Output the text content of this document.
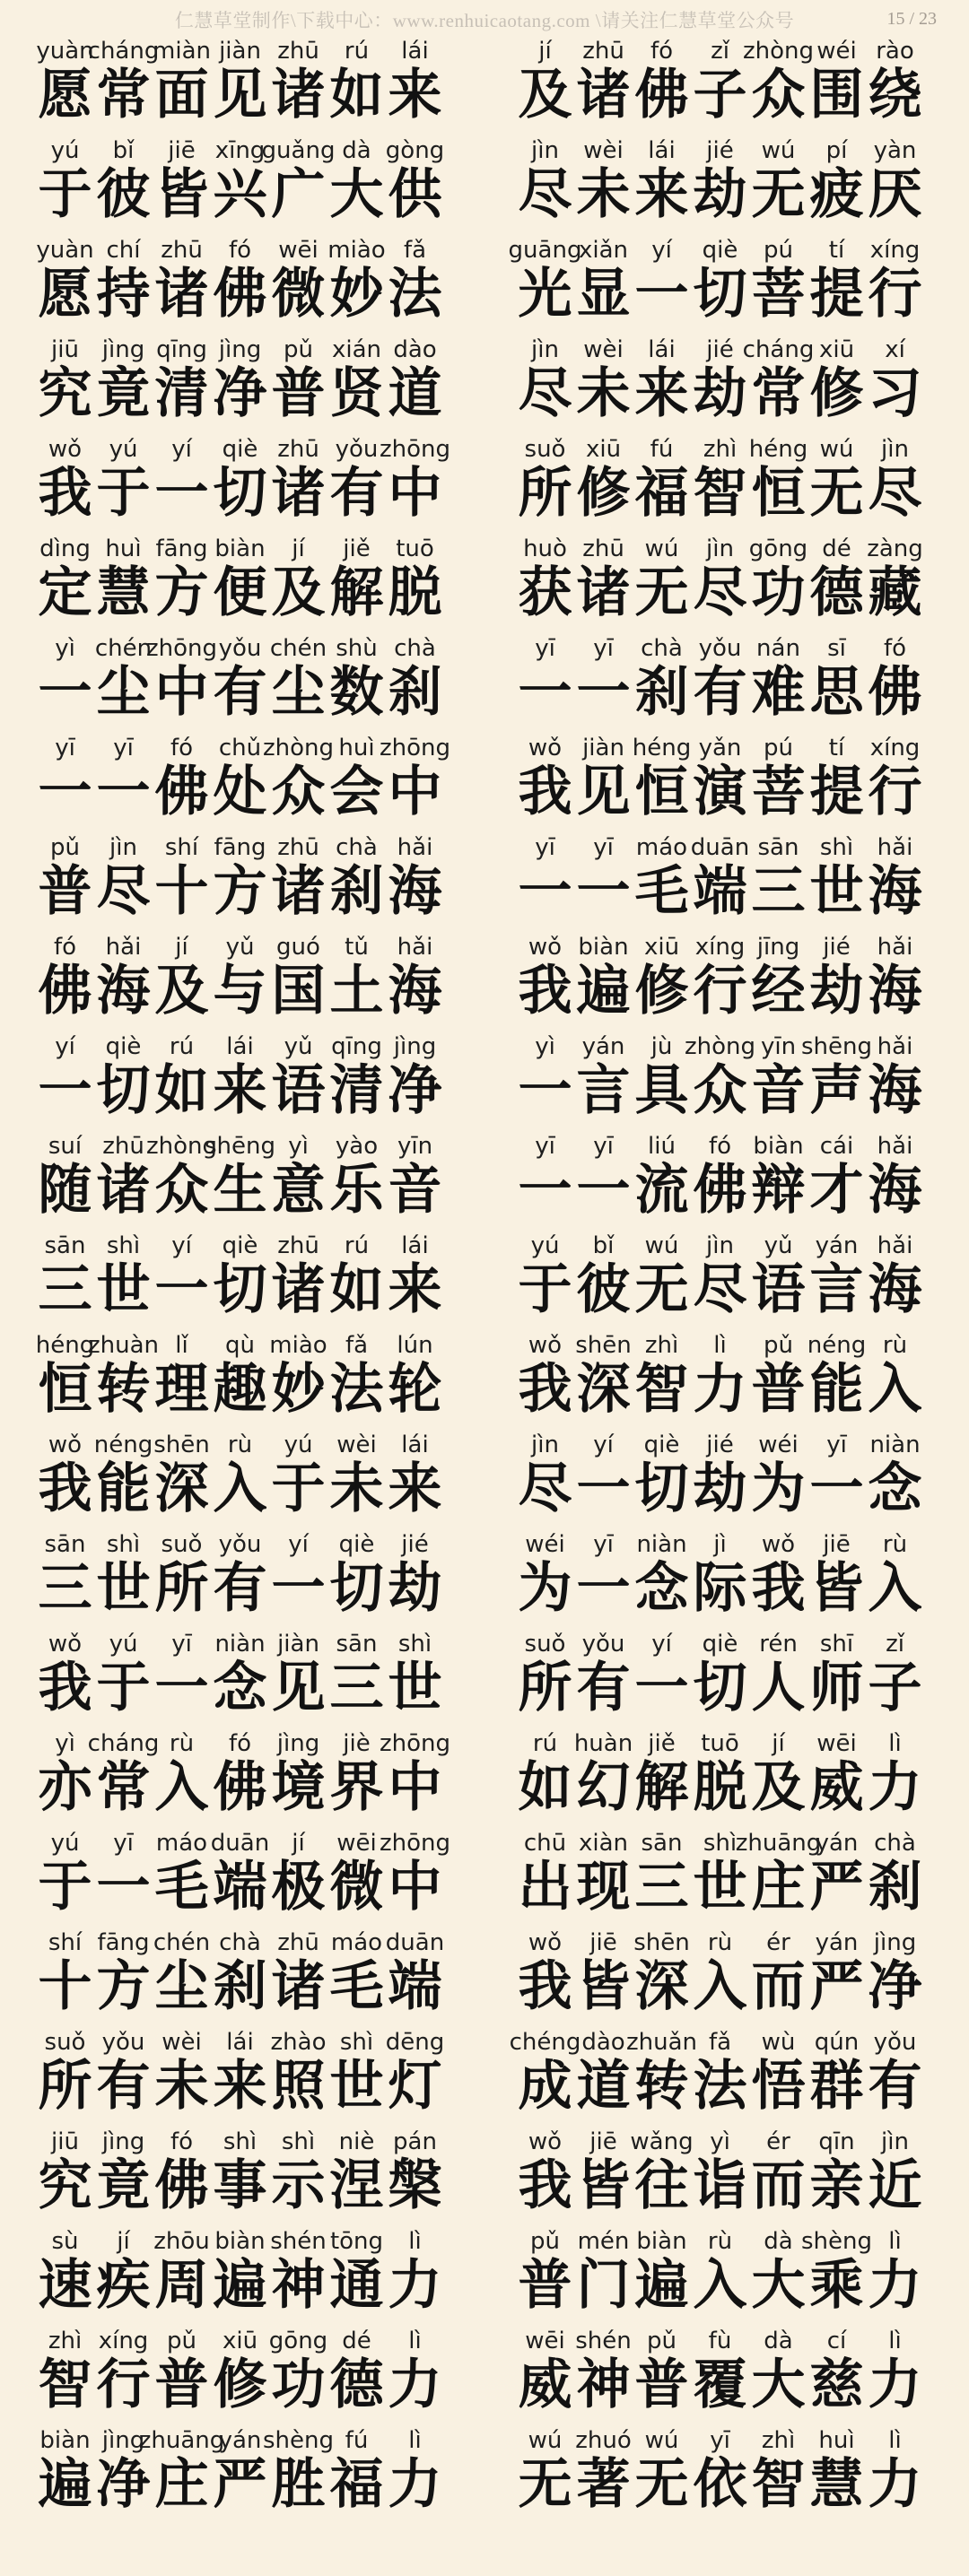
仁慧草堂制作\下载中心：www.renhuicaotang.com \请关注仁慧草堂公众号	15 / 23
yuàn
愿
cháng
常
miàn
面
jiàn
见
zhū
诸
rú
如
lái
来
jí
及
zhū
诸
fó
佛
zǐ
子
zhòng
众
wéi
围
rào
绕
yú
于
bǐ
彼
jiē
皆
xīng
兴
guǎng
广
dà
大
gòng
供
jìn
尽
wèi
未
lái
来
jié
劫
wú
无
pí
疲
yàn
厌
yuàn
愿
chí
持
zhū
诸
fó
佛
wēi
微
miào
妙
fǎ
法
guāng
光
xiǎn
显
yí
一
qiè
切
pú
菩
tí
提
xíng
行
jiū
究
jìng
竟
qīng
清
jìng
净
pǔ
普
xián
贤
dào
道
jìn
尽
wèi
未
lái
来
jié
劫
cháng
常
xiū
修
xí
习
wǒ
我
yú
于
yí
一
qiè
切
zhū
诸
yǒu
有
zhōng
中
suǒ
所
xiū
修
fú
福
zhì
智
héng
恒
wú
无
jìn
尽
dìng
定
huì
慧
fāng
方
biàn
便
jí
及
jiě
解
tuō
脱
huò
获
zhū
诸
wú
无
jìn
尽
gōng
功
dé
德
zàng
藏
yì
一
chén
尘
zhōng
中
yǒu
有
chén
尘
shù
数
chà
刹
yī
一
yī
一
chà
刹
yǒu
有
nán
难
sī
思
fó
佛
yī
一
yī
一
fó
佛
chǔ
处
zhòng
众
huì
会
zhōng
中
wǒ
我
jiàn
见
héng
恒
yǎn
演
pú
菩
tí
提
xíng
行
pǔ
普
jìn
尽
shí
十
fāng
方
zhū
诸
chà
刹
hǎi
海
yī
一
yī
一
máo
毛
duān
端
sān
三
shì
世
hǎi
海
fó
佛
hǎi
海
jí
及
yǔ
与
guó
国
tǔ
土
hǎi
海
wǒ
我
biàn
遍
xiū
修
xíng
行
jīng
经
jié
劫
hǎi
海
yí
一
qiè
切
rú
如
lái
来
yǔ
语
qīng
清
jìng
净
yì
一
yán
言
jù
具
zhòng
众
yīn
音
shēng
声
hǎi
海
suí
随
zhū
诸
zhòng
众
shēng
生
yì
意
yào
乐
yīn
音
yī
一
yī
一
liú
流
fó
佛
biàn
辩
cái
才
hǎi
海
sān
三
shì
世
yí
一
qiè
切
zhū
诸
rú
如
lái
来
yú
于
bǐ
彼
wú
无
jìn
尽
yǔ
语
yán
言
hǎi
海
héng
恒
zhuàn
转
lǐ
理
qù
趣
miào
妙
fǎ
法
lún
轮
wǒ
我
shēn
深
zhì
智
lì
力
pǔ
普
néng
能
rù
入
wǒ
我
néng
能
shēn
深
rù
入
yú
于
wèi
未
lái
来
jìn
尽
yí
一
qiè
切
jié
劫
wéi
为
yī
一
niàn
念
sān
三
shì
世
suǒ
所
yǒu
有
yí
一
qiè
切
jié
劫
wéi
为
yī
一
niàn
念
jì
际
wǒ
我
jiē
皆
rù
入
wǒ
我
yú
于
yī
一
niàn
念
jiàn
见
sān
三
shì
世
suǒ
所
yǒu
有
yí
一
qiè
切
rén
人
shī
师
zǐ
子
yì
亦
cháng
常
rù
入
fó
佛
jìng
境
jiè
界
zhōng
中
rú
如
huàn
幻
jiě
解
tuō
脱
jí
及
wēi
威
lì
力
yú
于
yī
一
máo
毛
duān
端
jí
极
wēi
微
zhōng
中
chū
出
xiàn
现
sān
三
shì
世
zhuāng
庄
yán
严
chà
刹
shí
十
fāng
方
chén
尘
chà
刹
zhū
诸
máo
毛
duān
端
wǒ
我
jiē
皆
shēn
深
rù
入
ér
而
yán
严
jìng
净
suǒ
所
yǒu
有
wèi
未
lái
来
zhào
照
shì
世
dēng
灯
chéng
成
dào
道
zhuǎn
转
fǎ
法
wù
悟
qún
群
yǒu
有
jiū
究
jìng
竟
fó
佛
shì
事
shì
示
niè
涅
pán
槃
wǒ
我
jiē
皆
wǎng
往
yì
诣
ér
而
qīn
亲
jìn
近
sù
速
jí
疾
zhōu
周
biàn
遍
shén
神
tōng
通
lì
力
pǔ
普
mén
门
biàn
遍
rù
入
dà
大
shèng
乘
lì
力
zhì
智
xíng
行
pǔ
普
xiū
修
gōng
功
dé
德
lì
力
wēi
威
shén
神
pǔ
普
fù
覆
dà
大
cí
慈
lì
力
biàn
遍
jìng
净
zhuāng
庄
yán
严
shèng
胜
fú
福
lì
力
wú
无
zhuó
著
wú
无
yī
依
zhì
智
huì
慧
lì
力
